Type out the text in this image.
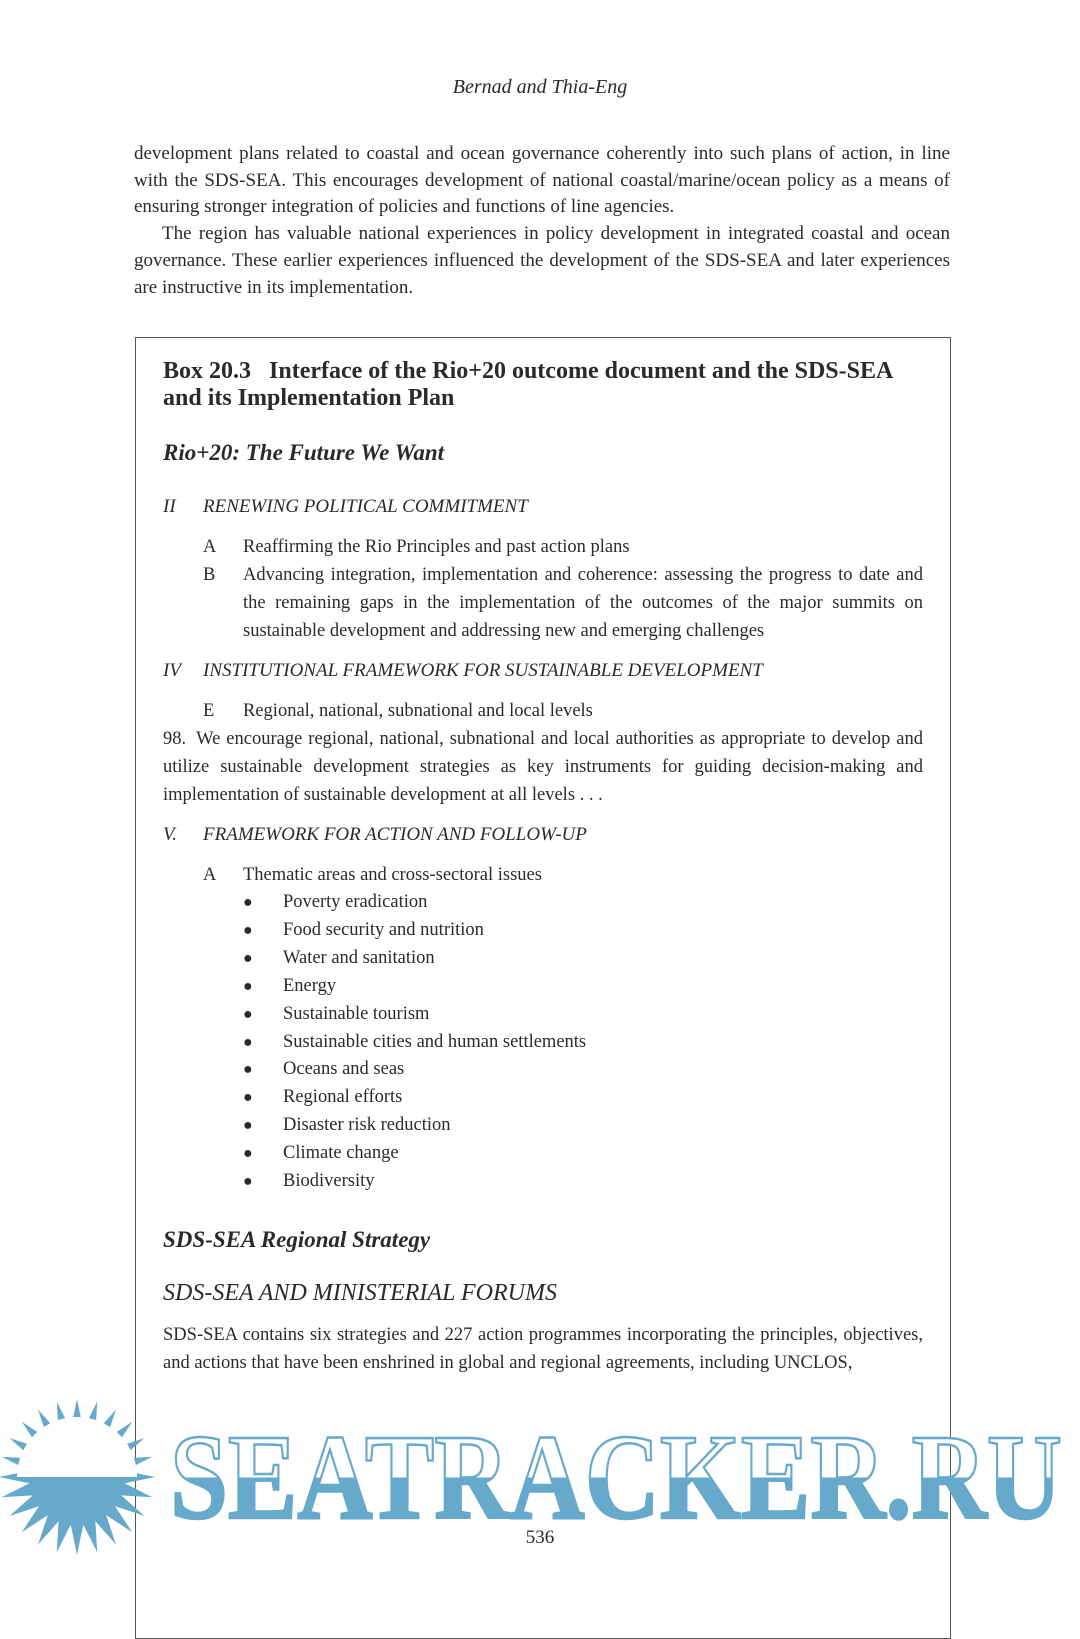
Bernad and Thia-Eng

development plans related to coastal and ocean governance coherently into such plans of action, in line with the SDS-SEA. This encourages development of national coastal/marine/ocean policy as a means of ensuring stronger integration of policies and functions of line agencies.

The region has valuable national experiences in policy development in integrated coastal and ocean governance. These earlier experiences influenced the development of the SDS-SEA and later experiences are instructive in its implementation.

Box 20.3 Interface of the Rio+20 outcome document and the SDS-SEA and its Implementation Plan
Rio+20: The Future We Want
II RENEWING POLITICAL COMMITMENT
A	Reaffirming the Rio Principles and past action plans
B	Advancing integration, implementation and coherence: assessing the progress to date and the remaining gaps in the implementation of the outcomes of the major summits on sustainable development and addressing new and emerging challenges
IV INSTITUTIONAL FRAMEWORK FOR SUSTAINABLE DEVELOPMENT
E	Regional, national, subnational and local levels
98. We encourage regional, national, subnational and local authorities as appropriate to develop and utilize sustainable development strategies as key instruments for guiding decision-making and implementation of sustainable development at all levels . . .
V. FRAMEWORK FOR ACTION AND FOLLOW-UP
A	Thematic areas and cross-sectoral issues
●	Poverty eradication
●	Food security and nutrition
●	Water and sanitation
●	Energy
●	Sustainable tourism
●	Sustainable cities and human settlements
●	Oceans and seas
●	Regional efforts
●	Disaster risk reduction
●	Climate change
●	Biodiversity
SDS-SEA Regional Strategy
SDS-SEA AND MINISTERIAL FORUMS
SDS-SEA contains six strategies and 227 action programmes incorporating the principles, objectives, and actions that have been enshrined in global and regional agreements, including UNCLOS,
SEATRACKER.RU
536
